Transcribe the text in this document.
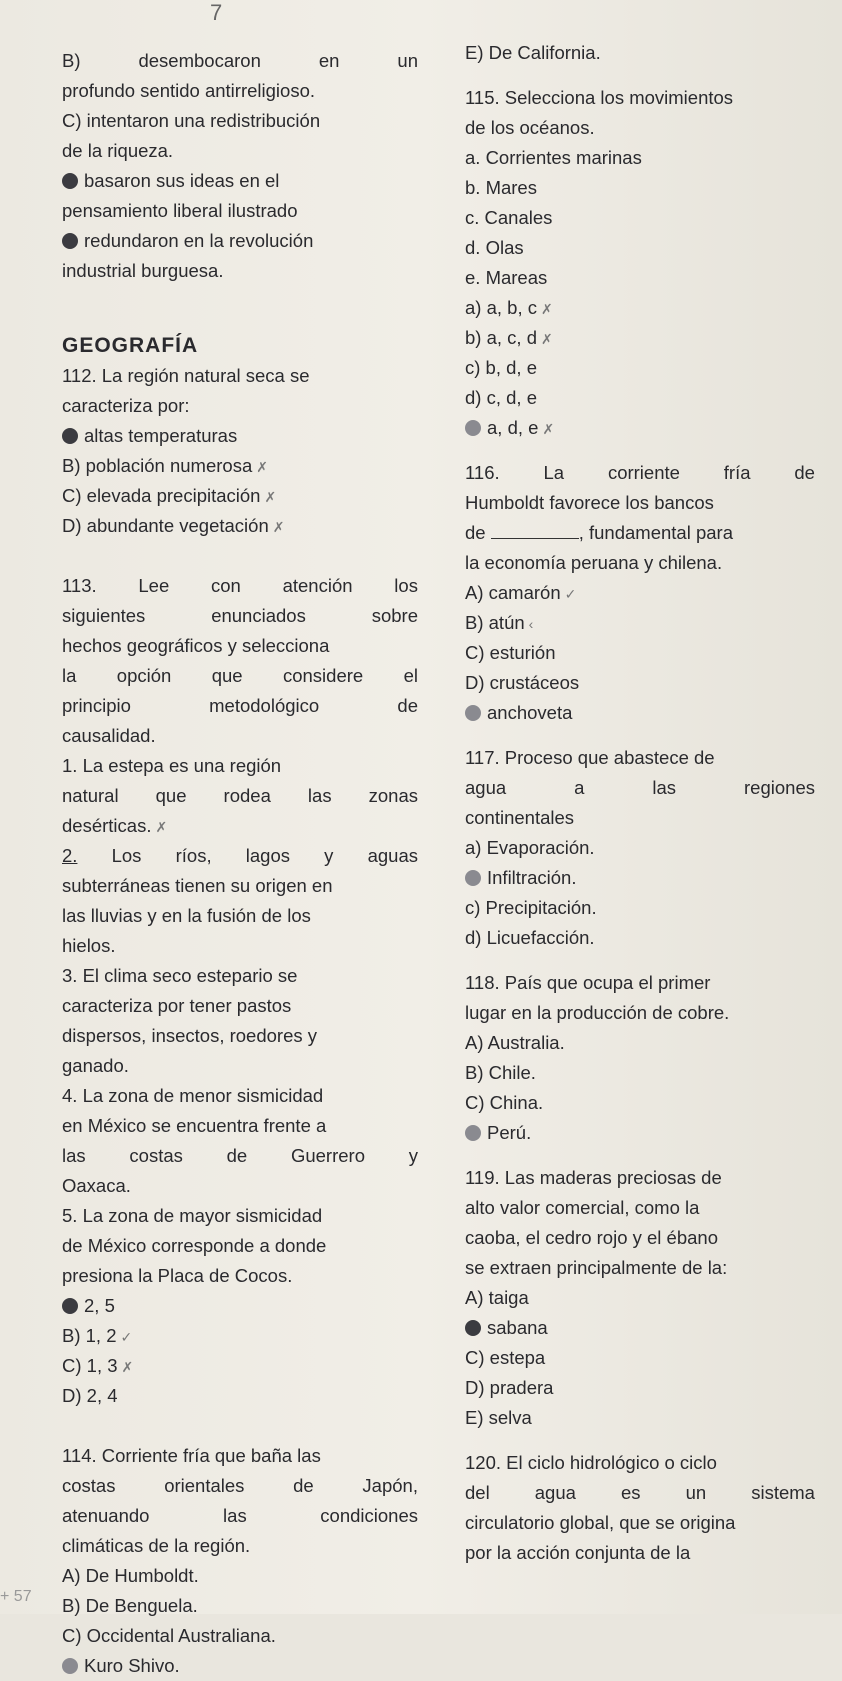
7
B)	desembocaron	en	un
profundo sentido antirreligioso.
C) intentaron una redistribución
de la riqueza.
basaron sus ideas en el
pensamiento liberal ilustrado
redundaron en la revolución
industrial burguesa.
GEOGRAFÍA
112. La región natural seca se
caracteriza por:
altas temperaturas
B) población numerosa ✗
C) elevada precipitación ✗
D) abundante vegetación ✗
113. Lee con atención los
siguientes	enunciados	sobre
hechos geográficos y selecciona
la opción que considere el
principio	metodológico	de
causalidad.
1. La estepa es una región
natural que rodea las zonas
desérticas. ✗
2. Los ríos, lagos y aguas
subterráneas tienen su origen en
las lluvias y en la fusión de los
hielos.
3. El clima seco estepario se
caracteriza por tener pastos
dispersos, insectos, roedores y
ganado.
4. La zona de menor sismicidad
en México se encuentra frente a
las costas de Guerrero y
Oaxaca.
5. La zona de mayor sismicidad
de México corresponde a donde
presiona la Placa de Cocos.
2, 5
B) 1, 2 ✓
C) 1, 3 ✗
D) 2, 4
114. Corriente fría que baña las
costas	orientales	de	Japón,
atenuando	las	condiciones
climáticas de la región.
A) De Humboldt.
B) De Benguela.
C) Occidental Australiana.
Kuro Shivo.
E) De California.
115. Selecciona los movimientos
de los océanos.
a. Corrientes marinas
b. Mares
c. Canales
d. Olas
e. Mareas
a) a, b, c ✗
b) a, c, d ✗
c) b, d, e
d) c, d, e
a, d, e ✗
116. La corriente fría de
Humboldt favorece los bancos
de	, fundamental para
la economía peruana y chilena.
A) camarón ✓
B) atún ‹
C) esturión
D) crustáceos
anchoveta
117. Proceso que abastece de
agua	a	las	regiones
continentales
a) Evaporación.
Infiltración.
c) Precipitación.
d) Licuefacción.
118. País que ocupa el primer
lugar en la producción de cobre.
A) Australia.
B) Chile.
C) China.
Perú.
119. Las maderas preciosas de
alto valor comercial, como la
caoba, el cedro rojo y el ébano
se extraen principalmente de la:
A) taiga
sabana
C) estepa
D) pradera
E) selva
120. El ciclo hidrológico o ciclo
del agua es un sistema
circulatorio global, que se origina
por la acción conjunta de la
+ 57
